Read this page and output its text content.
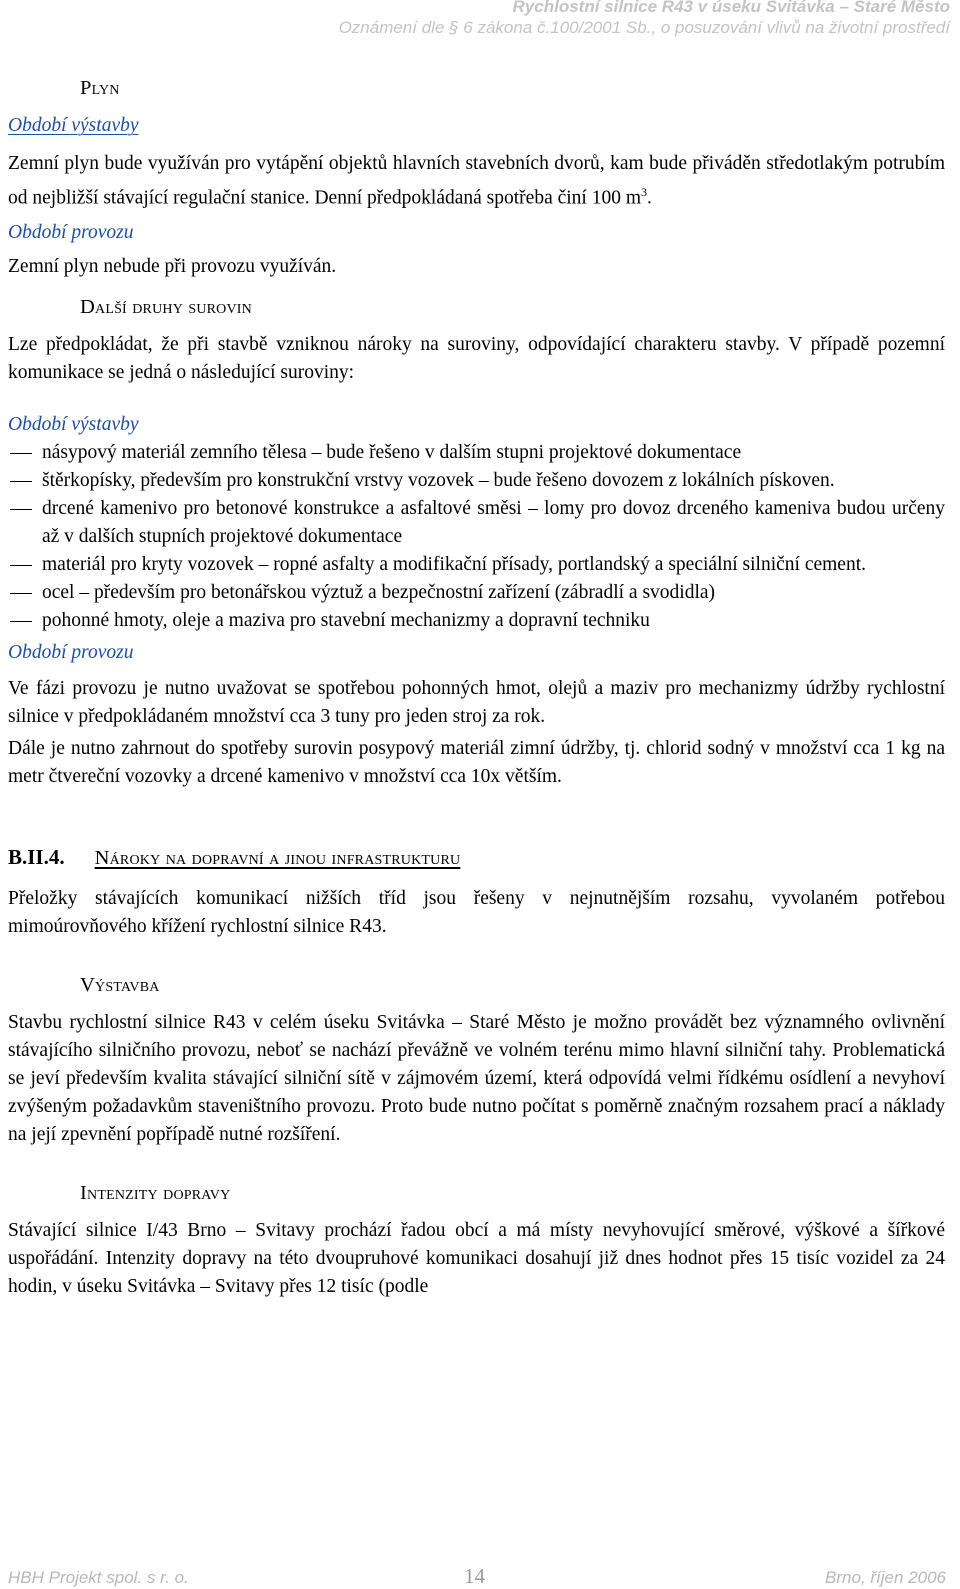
Rychlostní silnice R43 v úseku Svitávka – Staré Město
Oznámení dle § 6 zákona č.100/2001 Sb., o posuzování vlivů na životní prostředí

Plyn

Období výstavby

Zemní plyn bude využíván pro vytápění objektů hlavních stavebních dvorů, kam bude přiváděn středotlakým potrubím od nejbližší stávající regulační stanice. Denní předpokládaná spotřeba činí 100 $m^3$.

Období provozu

Zemní plyn nebude při provozu využíván.

Další druhy surovin

Lze předpokládat, že při stavbě vzniknou nároky na suroviny, odpovídající charakteru stavby. V případě pozemní komunikace se jedná o následující suroviny:

Období výstavby

násypový materiál zemního tělesa – bude řešeno v dalším stupni projektové dokumentace
štěrkopísky, především pro konstrukční vrstvy vozovek – bude řešeno dovozem z lokálních pískoven.
drcené kamenivo pro betonové konstrukce a asfaltové směsi – lomy pro dovoz drceného kameniva budou určeny až v dalších stupních projektové dokumentace
materiál pro kryty vozovek – ropné asfalty a modifikační přísady, portlandský a speciální silniční cement.
ocel – především pro betonářskou výztuž a bezpečnostní zařízení (zábradlí a svodidla)
pohonné hmoty, oleje a maziva pro stavební mechanizmy a dopravní techniku

Období provozu

Ve fázi provozu je nutno uvažovat se spotřebou pohonných hmot, olejů a maziv pro mechanizmy údržby rychlostní silnice v předpokládaném množství cca 3 tuny pro jeden stroj za rok.

Dále je nutno zahrnout do spotřeby surovin posypový materiál zimní údržby, tj. chlorid sodný v množství cca 1 kg na metr čtvereční vozovky a drcené kamenivo v množství cca 10x větším.

B.II.4. Nároky na dopravní a jinou infrastrukturu

Přeložky stávajících komunikací nižších tříd jsou řešeny v nejnutnějším rozsahu, vyvolaném potřebou mimoúrovňového křížení rychlostní silnice R43.

Výstavba

Stavbu rychlostní silnice R43 v celém úseku Svitávka – Staré Město je možno provádět bez významného ovlivnění stávajícího silničního provozu, neboť se nachází převážně ve volném terénu mimo hlavní silniční tahy. Problematická se jeví především kvalita stávající silniční sítě v zájmovém území, která odpovídá velmi řídkému osídlení a nevyhoví zvýšeným požadavkům staveništního provozu. Proto bude nutno počítat s poměrně značným rozsahem prací a náklady na její zpevnění popřípadě nutné rozšíření.

Intenzity dopravy

Stávající silnice I/43 Brno – Svitavy prochází řadou obcí a má místy nevyhovující směrové, výškové a šířkové uspořádání. Intenzity dopravy na této dvoupruhové komunikaci dosahují již dnes hodnot přes 15 tisíc vozidel za 24 hodin, v úseku Svitávka – Svitavy přes 12 tisíc (podle

HBH Projekt spol. s r. o.	14	Brno, říjen 2006
